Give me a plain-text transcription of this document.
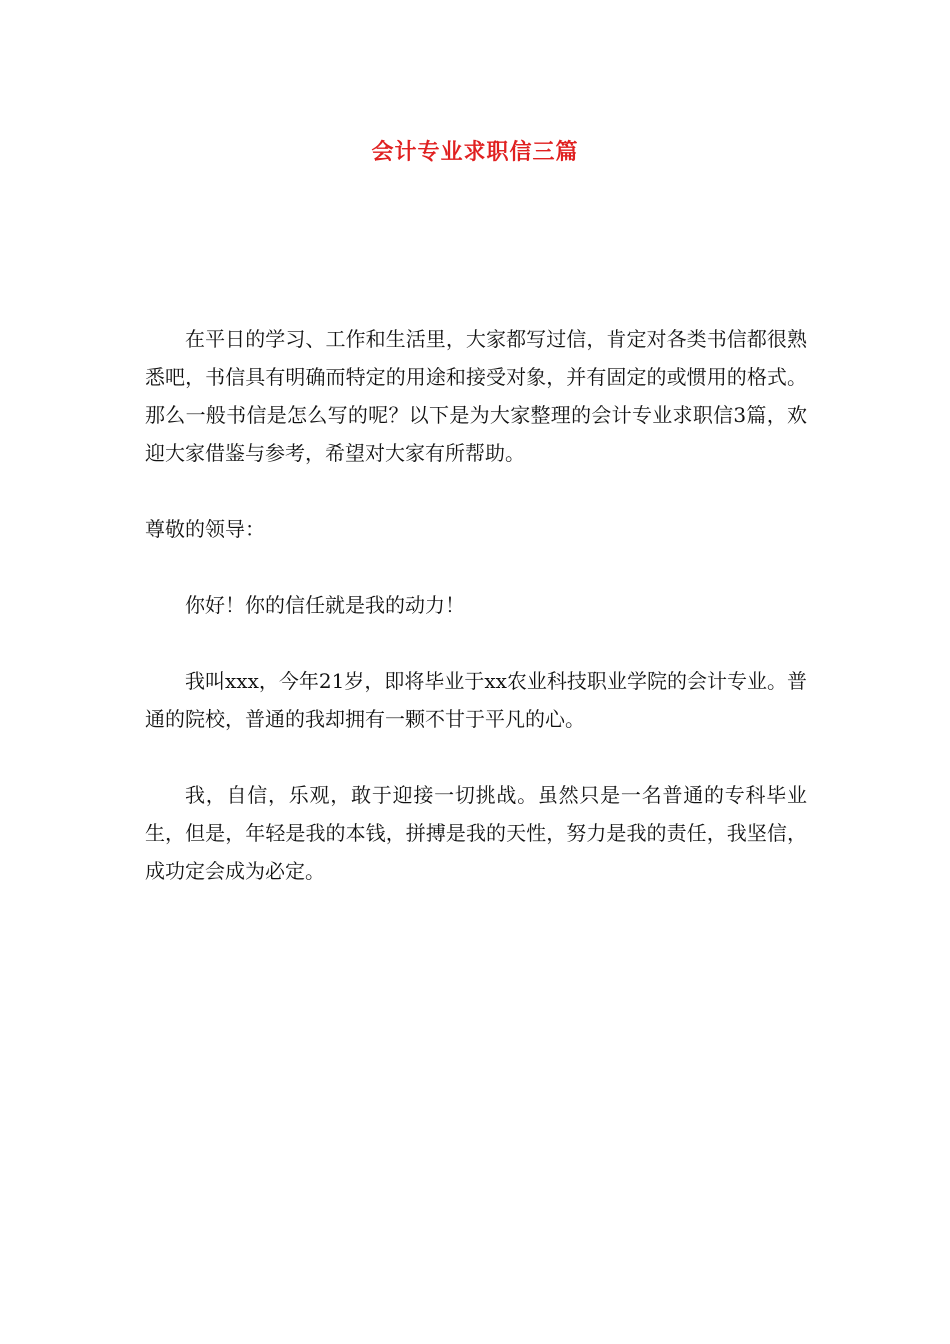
会计专业求职信三篇

在平日的学习、工作和生活里，大家都写过信，肯定对各类书信都很熟悉吧，书信具有明确而特定的用途和接受对象，并有固定的或惯用的格式。那么一般书信是怎么写的呢？以下是为大家整理的会计专业求职信3篇，欢迎大家借鉴与参考，希望对大家有所帮助。

尊敬的领导：

你好！你的信任就是我的动力！

我叫xxx，今年21岁，即将毕业于xx农业科技职业学院的会计专业。普通的院校，普通的我却拥有一颗不甘于平凡的心。

我，自信，乐观，敢于迎接一切挑战。虽然只是一名普通的专科毕业生，但是，年轻是我的本钱，拼搏是我的天性，努力是我的责任，我坚信，成功定会成为必定。
